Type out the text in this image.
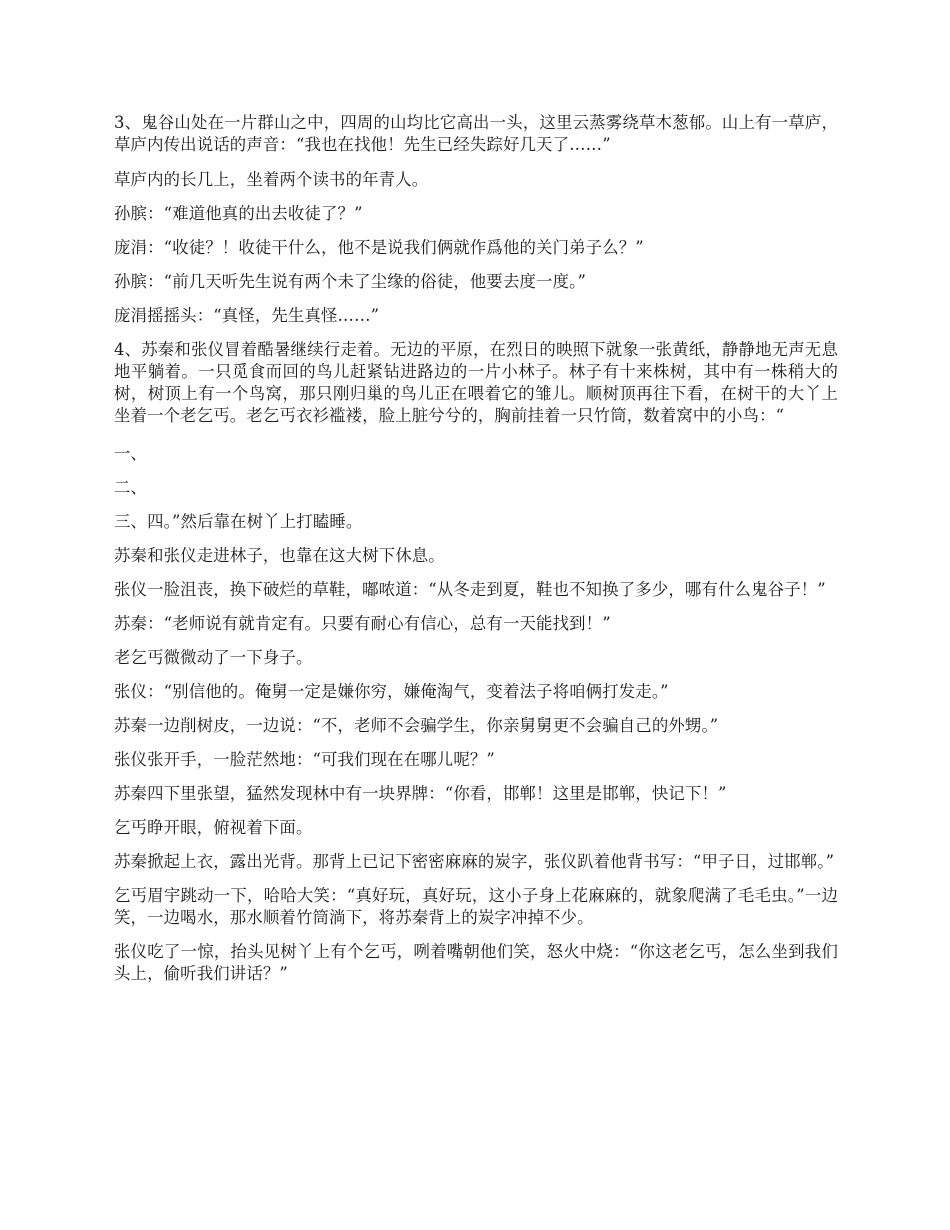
3、鬼谷山处在一片群山之中，四周的山均比它高出一头，这里云蒸雾绕草木葱郁。山上有一草庐，草庐内传出说话的声音：“我也在找他！先生已经失踪好几天了……”

草庐内的长几上，坐着两个读书的年青人。

孙膑：“难道他真的出去收徒了？”

庞涓：“收徒？！收徒干什么，他不是说我们俩就作爲他的关门弟子么？”

孙膑：“前几天听先生说有两个未了尘缘的俗徒，他要去度一度。”

庞涓摇摇头：“真怪，先生真怪……”

4、苏秦和张仪冒着酷暑继续行走着。无边的平原，在烈日的映照下就象一张黄纸，静静地无声无息地平躺着。一只觅食而回的鸟儿赶紧钻进路边的一片小林子。林子有十来株树，其中有一株稍大的树，树顶上有一个鸟窝，那只刚归巢的鸟儿正在喂着它的雏儿。顺树顶再往下看，在树干的大丫上坐着一个老乞丐。老乞丐衣衫褴褛，脸上脏兮兮的，胸前挂着一只竹筒，数着窝中的小鸟：“

一、

二、

三、四。”然后靠在树丫上打瞌睡。

苏秦和张仪走进林子，也靠在这大树下休息。

张仪一脸沮丧，换下破烂的草鞋，嘟哝道：“从冬走到夏，鞋也不知换了多少，哪有什么鬼谷子！”

苏秦：“老师说有就肯定有。只要有耐心有信心，总有一天能找到！”

老乞丐微微动了一下身子。

张仪：“别信他的。俺舅一定是嫌你穷，嫌俺淘气，变着法子将咱俩打发走。”

苏秦一边削树皮，一边说：“不，老师不会骗学生，你亲舅舅更不会骗自己的外甥。”

张仪张开手，一脸茫然地：“可我们现在在哪儿呢？”

苏秦四下里张望，猛然发现林中有一块界牌：“你看，邯郸！这里是邯郸，快记下！”

乞丐睁开眼，俯视着下面。

苏秦掀起上衣，露出光背。那背上已记下密密麻麻的炭字，张仪趴着他背书写：“甲子日，过邯郸。”

乞丐眉宇跳动一下，哈哈大笑：“真好玩，真好玩，这小子身上花麻麻的，就象爬满了毛毛虫。”一边笑，一边喝水，那水顺着竹筒淌下，将苏秦背上的炭字冲掉不少。

张仪吃了一惊，抬头见树丫上有个乞丐，咧着嘴朝他们笑，怒火中烧：“你这老乞丐，怎么坐到我们头上，偷听我们讲话？”
